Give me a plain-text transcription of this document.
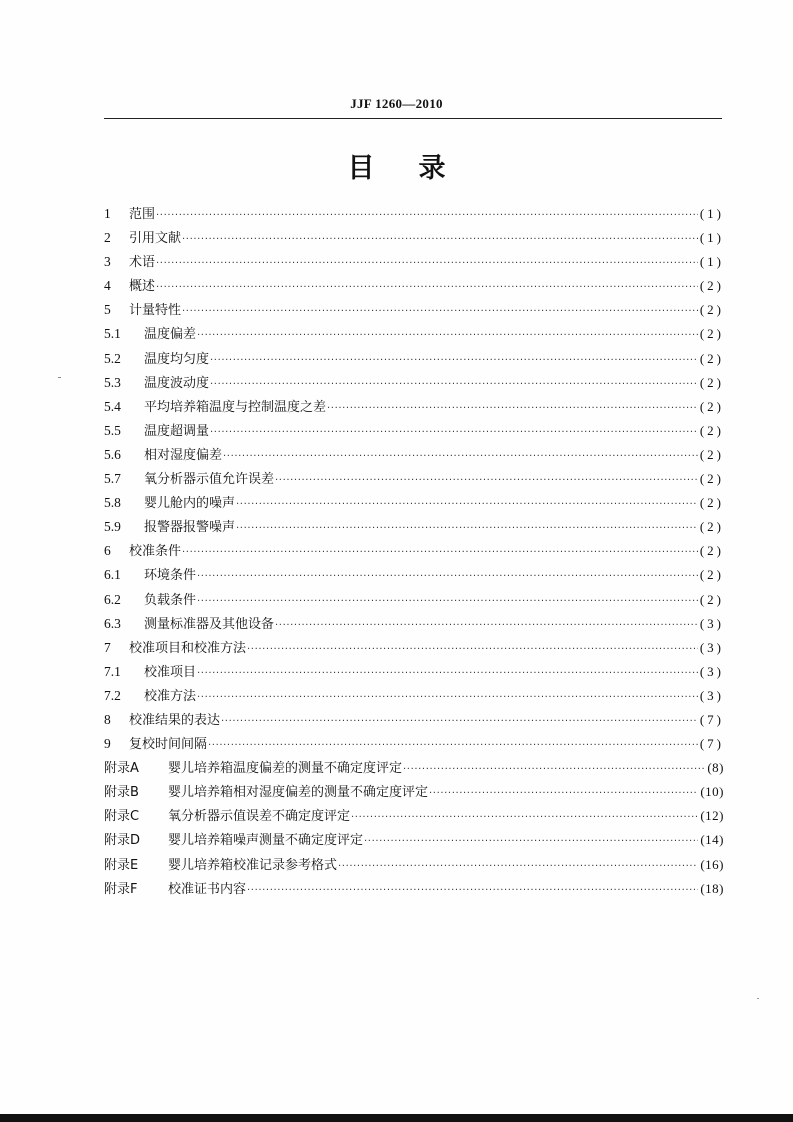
JJF 1260—2010
目录
1	范围 ·····	(1)
2	引用文献 ·····	(1)
3	术语 ·····	(1)
4	概述 ·····	(2)
5	计量特性 ·····	(2)
5.1	温度偏差 ·····	(2)
5.2	温度均匀度 ·····	(2)
5.3	温度波动度 ·····	(2)
5.4	平均培养箱温度与控制温度之差 ·····	(2)
5.5	温度超调量 ·····	(2)
5.6	相对湿度偏差 ·····	(2)
5.7	氧分析器示值允许误差 ·····	(2)
5.8	婴儿舱内的噪声 ·····	(2)
5.9	报警器报警噪声 ·····	(2)
6	校准条件 ·····	(2)
6.1	环境条件 ·····	(2)
6.2	负载条件 ·····	(2)
6.3	测量标准器及其他设备 ·····	(3)
7	校准项目和校准方法 ·····	(3)
7.1	校准项目 ·····	(3)
7.2	校准方法 ·····	(3)
8	校准结果的表达 ·····	(7)
9	复校时间间隔 ·····	(7)
附录A	婴儿培养箱温度偏差的测量不确定度评定 ·····	(8)
附录B	婴儿培养箱相对湿度偏差的测量不确定度评定 ·····	(10)
附录C	氧分析器示值误差不确定度评定 ·····	(12)
附录D	婴儿培养箱噪声测量不确定度评定 ·····	(14)
附录E	婴儿培养箱校准记录参考格式 ·····	(16)
附录F	校准证书内容 ·····	(18)
